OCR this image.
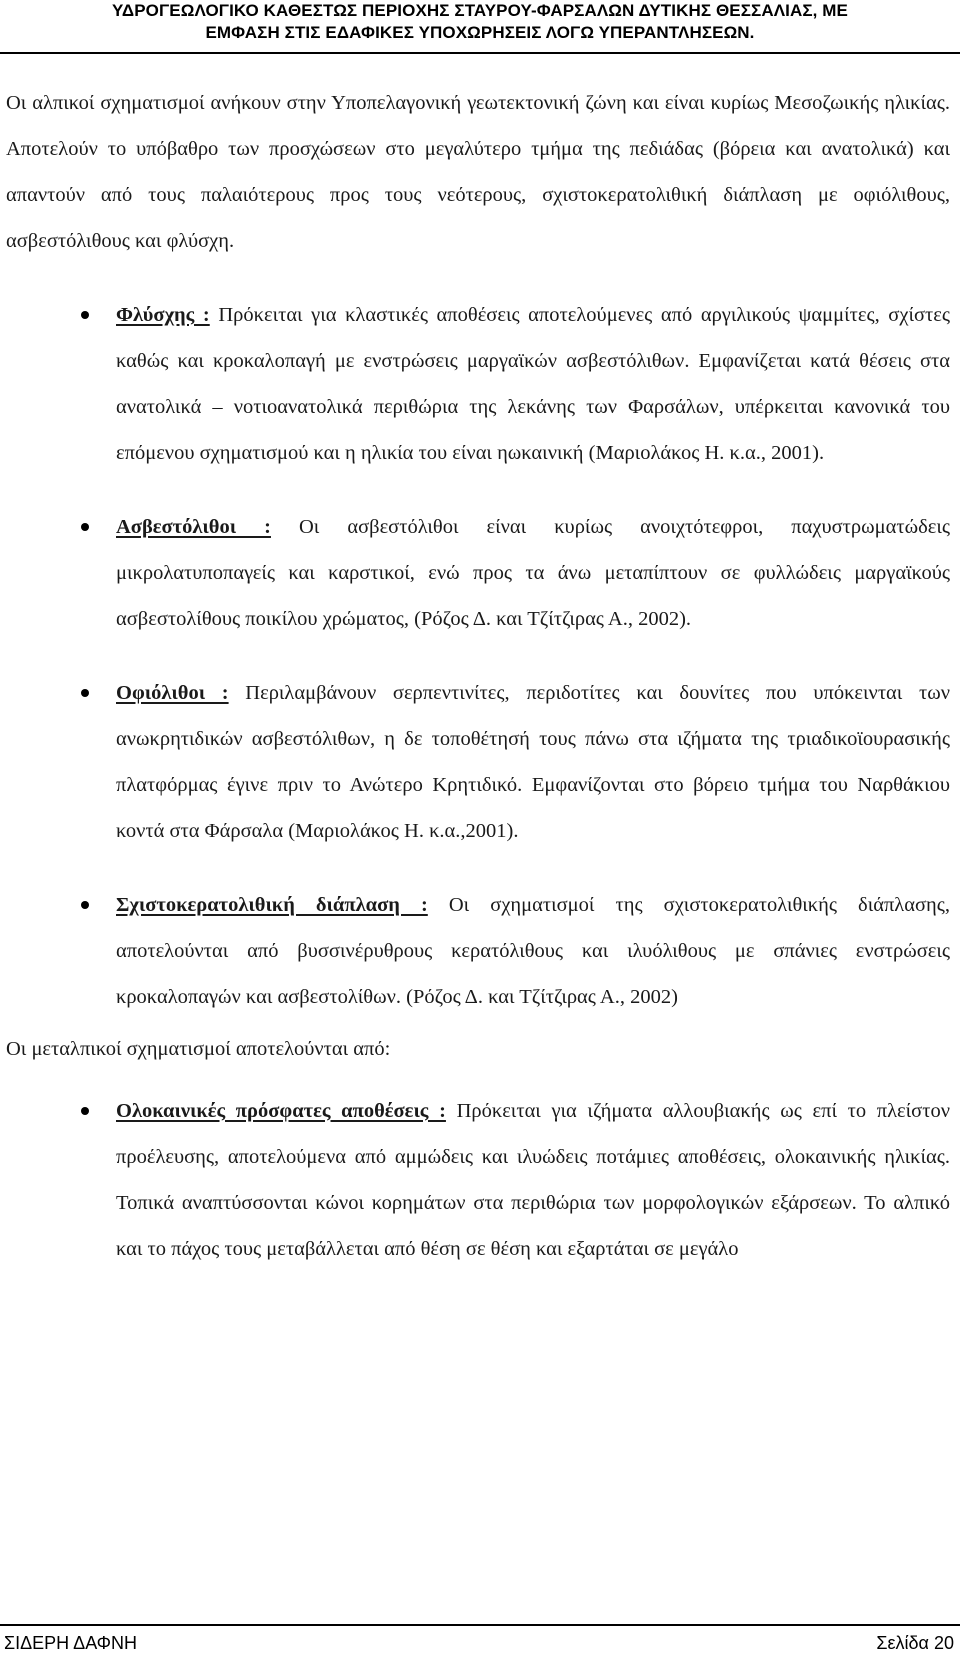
ΥΔΡΟΓΕΩΛΟΓΙΚΟ ΚΑΘΕΣΤΩΣ ΠΕΡΙΟΧΗΣ ΣΤΑΥΡΟΥ-ΦΑΡΣΑΛΩΝ ΔΥΤΙΚΗΣ ΘΕΣΣΑΛΙΑΣ, ΜΕ
ΕΜΦΑΣΗ ΣΤΙΣ ΕΔΑΦΙΚΕΣ ΥΠΟΧΩΡΗΣΕΙΣ ΛΟΓΩ ΥΠΕΡΑΝΤΛΗΣΕΩΝ.

Οι αλπικοί σχηματισμοί ανήκουν στην Υποπελαγονική γεωτεκτονική ζώνη και είναι κυρίως Μεσοζωικής ηλικίας. Αποτελούν το υπόβαθρο των προσχώσεων στο μεγαλύτερο τμήμα της πεδιάδας (βόρεια και ανατολικά) και απαντούν από τους παλαιότερους προς τους νεότερους, σχιστοκερατολιθική διάπλαση με οφιόλιθους, ασβεστόλιθους και φλύσχη.

Φλύσχης : Πρόκειται για κλαστικές αποθέσεις αποτελούμενες από αργιλικούς ψαμμίτες, σχίστες καθώς και κροκαλοπαγή με ενστρώσεις μαργαϊκών ασβεστόλιθων. Εμφανίζεται κατά θέσεις στα ανατολικά – νοτιοανατολικά περιθώρια της λεκάνης των Φαρσάλων, υπέρκειται κανονικά του επόμενου σχηματισμού και η ηλικία του είναι ηωκαινική (Μαριολάκος Η. κ.α., 2001).
Ασβεστόλιθοι : Οι ασβεστόλιθοι είναι κυρίως ανοιχτότεφροι, παχυστρωματώδεις μικρολατυποπαγείς και καρστικοί, ενώ προς τα άνω μεταπίπτουν σε φυλλώδεις μαργαϊκούς ασβεστολίθους ποικίλου χρώματος, (Ρόζος Δ. και Τζίτζιρας Α., 2002).
Οφιόλιθοι : Περιλαμβάνουν σερπεντινίτες, περιδοτίτες και δουνίτες που υπόκεινται των ανωκρητιδικών ασβεστόλιθων, η δε τοποθέτησή τους πάνω στα ιζήματα της τριαδικοϊουρασικής πλατφόρμας έγινε πριν το Ανώτερο Κρητιδικό. Εμφανίζονται στο βόρειο τμήμα του Ναρθάκιου κοντά στα Φάρσαλα (Μαριολάκος Η. κ.α.,2001).
Σχιστοκερατολιθική διάπλαση : Οι σχηματισμοί της σχιστοκερατολιθικής διάπλασης, αποτελούνται από βυσσινέρυθρους κερατόλιθους και ιλυόλιθους με σπάνιες ενστρώσεις κροκαλοπαγών και ασβεστολίθων. (Ρόζος Δ. και Τζίτζιρας Α., 2002)

Οι μεταλπικοί σχηματισμοί αποτελούνται από:

Ολοκαινικές πρόσφατες αποθέσεις : Πρόκειται για ιζήματα αλλουβιακής ως επί το πλείστον προέλευσης, αποτελούμενα από αμμώδεις και ιλυώδεις ποτάμιες αποθέσεις, ολοκαινικής ηλικίας. Τοπικά αναπτύσσονται κώνοι κορημάτων στα περιθώρια των μορφολογικών εξάρσεων. Το αλπικό και το πάχος τους μεταβάλλεται από θέση σε θέση και εξαρτάται σε μεγάλο
ΣΙΔΕΡΗ ΔΑΦΝΗ	Σελίδα 20
